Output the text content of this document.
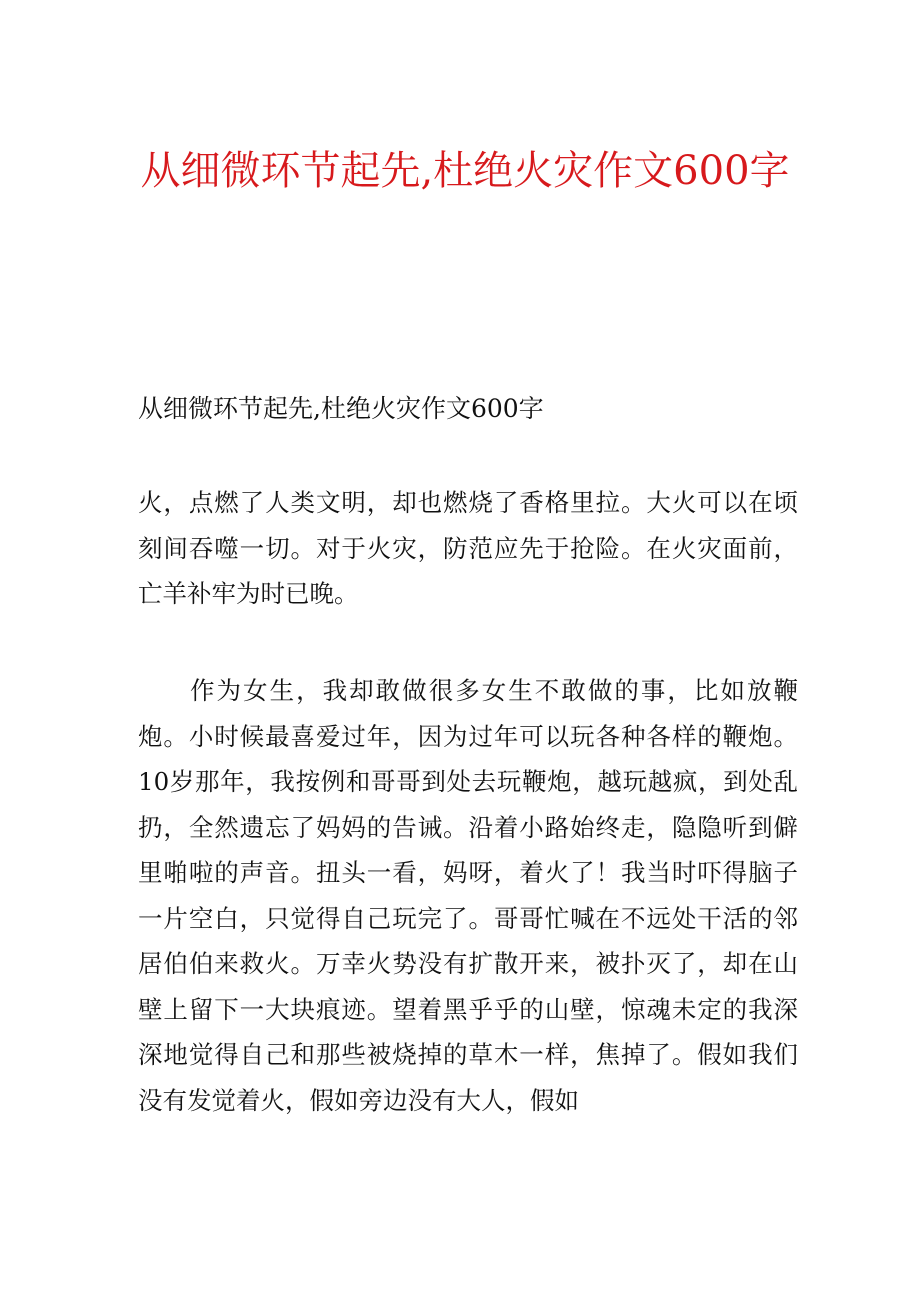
从细微环节起先,杜绝火灾作文600字

从细微环节起先,杜绝火灾作文600字

火，点燃了人类文明，却也燃烧了香格里拉。大火可以在顷刻间吞噬一切。对于火灾，防范应先于抢险。在火灾面前，亡羊补牢为时已晚。

作为女生，我却敢做很多女生不敢做的事，比如放鞭炮。小时候最喜爱过年，因为过年可以玩各种各样的鞭炮。10岁那年，我按例和哥哥到处去玩鞭炮，越玩越疯，到处乱扔，全然遗忘了妈妈的告诫。沿着小路始终走，隐隐听到僻里啪啦的声音。扭头一看，妈呀，着火了！我当时吓得脑子一片空白，只觉得自己玩完了。哥哥忙喊在不远处干活的邻居伯伯来救火。万幸火势没有扩散开来，被扑灭了，却在山壁上留下一大块痕迹。望着黑乎乎的山壁，惊魂未定的我深深地觉得自己和那些被烧掉的草木一样，焦掉了。假如我们没有发觉着火，假如旁边没有大人，假如
